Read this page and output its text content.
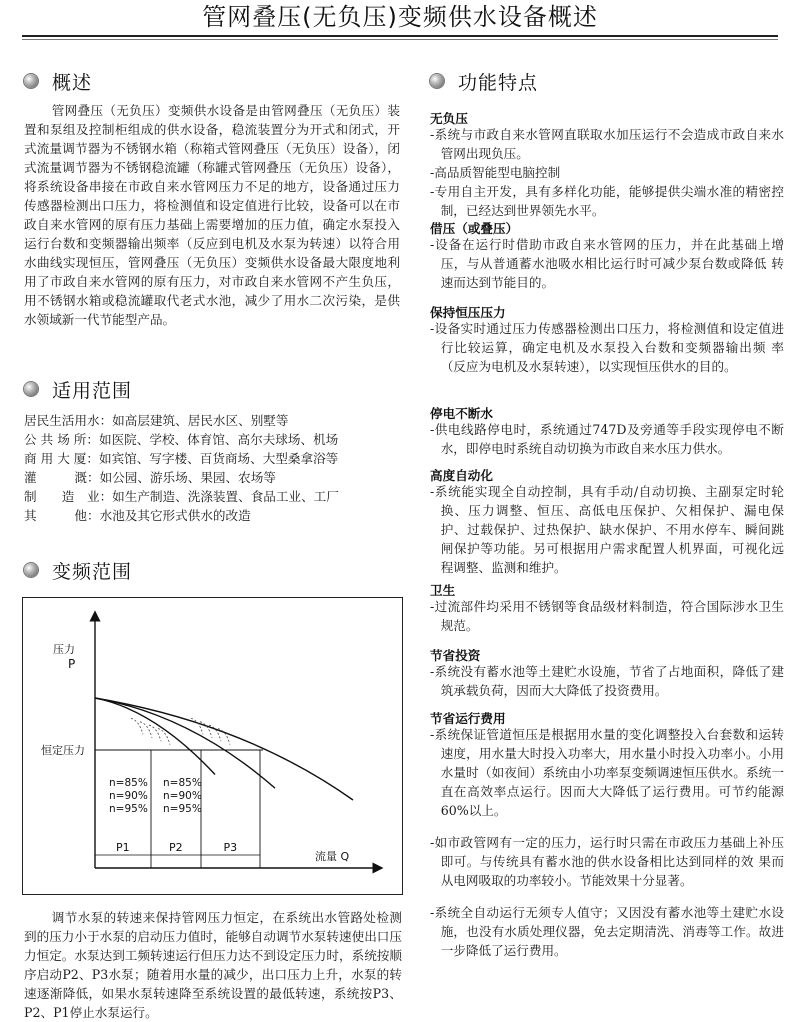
管网叠压(无负压)变频供水设备概述
概述

管网叠压（无负压）变频供水设备是由管网叠压（无负压）装置和泵组及控制柜组成的供水设备，稳流装置分为开式和闭式，开式流量调节器为不锈钢水箱（称箱式管网叠压（无负压）设备），闭式流量调节器为不锈钢稳流罐（称罐式管网叠压（无负压）设备），将系统设备串接在市政自来水管网压力不足的地方，设备通过压力传感器检测出口压力，将检测值和设定值进行比较，设备可以在市政自来水管网的原有压力基础上需要增加的压力值，确定水泵投入运行台数和变频器输出频率（反应到电机及水泵为转速）以符合用水曲线实现恒压，管网叠压（无负压）变频供水设备最大限度地利用了市政自来水管网的原有压力，对市政自来水管网不产生负压，用不锈钢水箱或稳流罐取代老式水池，减少了用水二次污染，是供水领域新一代节能型产品。

适用范围
居民生活用水：如高层建筑、居民水区、别墅等
公 共 场 所：如医院、学校、体育馆、高尔夫球场、机场
商 用 大 厦：如宾馆、写字楼、百货商场、大型桑拿浴等
灌　　　溉：如公园、游乐场、果园、农场等
制　　造　业：如生产制造、洗涤装置、食品工业、工厂
其　　　他：水池及其它形式供水的改造
变频范围
压力
P
流量 Q
恒定压力
P1	P2	P3
n=85%
n=90%
n=95%
n=85%
n=90%
n=95%

调节水泵的转速来保持管网压力恒定，在系统出水管路处检测到的压力小于水泵的启动压力值时，能够自动调节水泵转速使出口压力恒定。水泵达到工频转速运行但压力达不到设定压力时，系统按顺序启动P2、P3水泵；随着用水量的减少，出口压力上升，水泵的转速逐渐降低，如果水泵转速降至系统设置的最低转速，系统按P3、P2、P1停止水泵运行。

功能特点
无负压
-系统与市政自来水管网直联取水加压运行不会造成市政自来水管网出现负压。
-高品质智能型电脑控制
-专用自主开发，具有多样化功能，能够提供尖端水准的精密控制，已经达到世界领先水平。
借压（或叠压）
-设备在运行时借助市政自来水管网的压力，并在此基础上增压，与从普通蓄水池吸水相比运行时可减少泵台数或降低 转速而达到节能目的。
保持恒压压力
-设备实时通过压力传感器检测出口压力，将检测值和设定值进行比较运算，确定电机及水泵投入台数和变频器输出频 率（反应为电机及水泵转速），以实现恒压供水的目的。
停电不断水
-供电线路停电时，系统通过747D及旁通等手段实现停电不断水，即停电时系统自动切换为市政自来水压力供水。
高度自动化
-系统能实现全自动控制，具有手动/自动切换、主副泵定时轮换、压力调整、恒压、高低电压保护、欠相保护、漏电保 护、过载保护、过热保护、缺水保护、不用水停车、瞬间跳 闸保护等功能。另可根据用户需求配置人机界面，可视化远 程调整、监测和维护。
卫生
-过流部件均采用不锈钢等食品级材料制造，符合国际涉水卫生规范。
节省投资
-系统没有蓄水池等土建贮水设施，节省了占地面积，降低了建筑承载负荷，因而大大降低了投资费用。
节省运行费用
-系统保证管道恒压是根据用水量的变化调整投入台套数和运转速度，用水量大时投入功率大，用水量小时投入功率小。小用水量时（如夜间）系统由小功率泵变频调速恒压供水。系统一直在高效率点运行。因而大大降低了运行费用。可节约能源60%以上。
-如市政管网有一定的压力，运行时只需在市政压力基础上补压即可。与传统具有蓄水池的供水设备相比达到同样的效 果而从电网吸取的功率较小。节能效果十分显著。
-系统全自动运行无须专人值守；又因没有蓄水池等土建贮水设施，也没有水质处理仪器，免去定期清洗、消毒等工作。故进一步降低了运行费用。
